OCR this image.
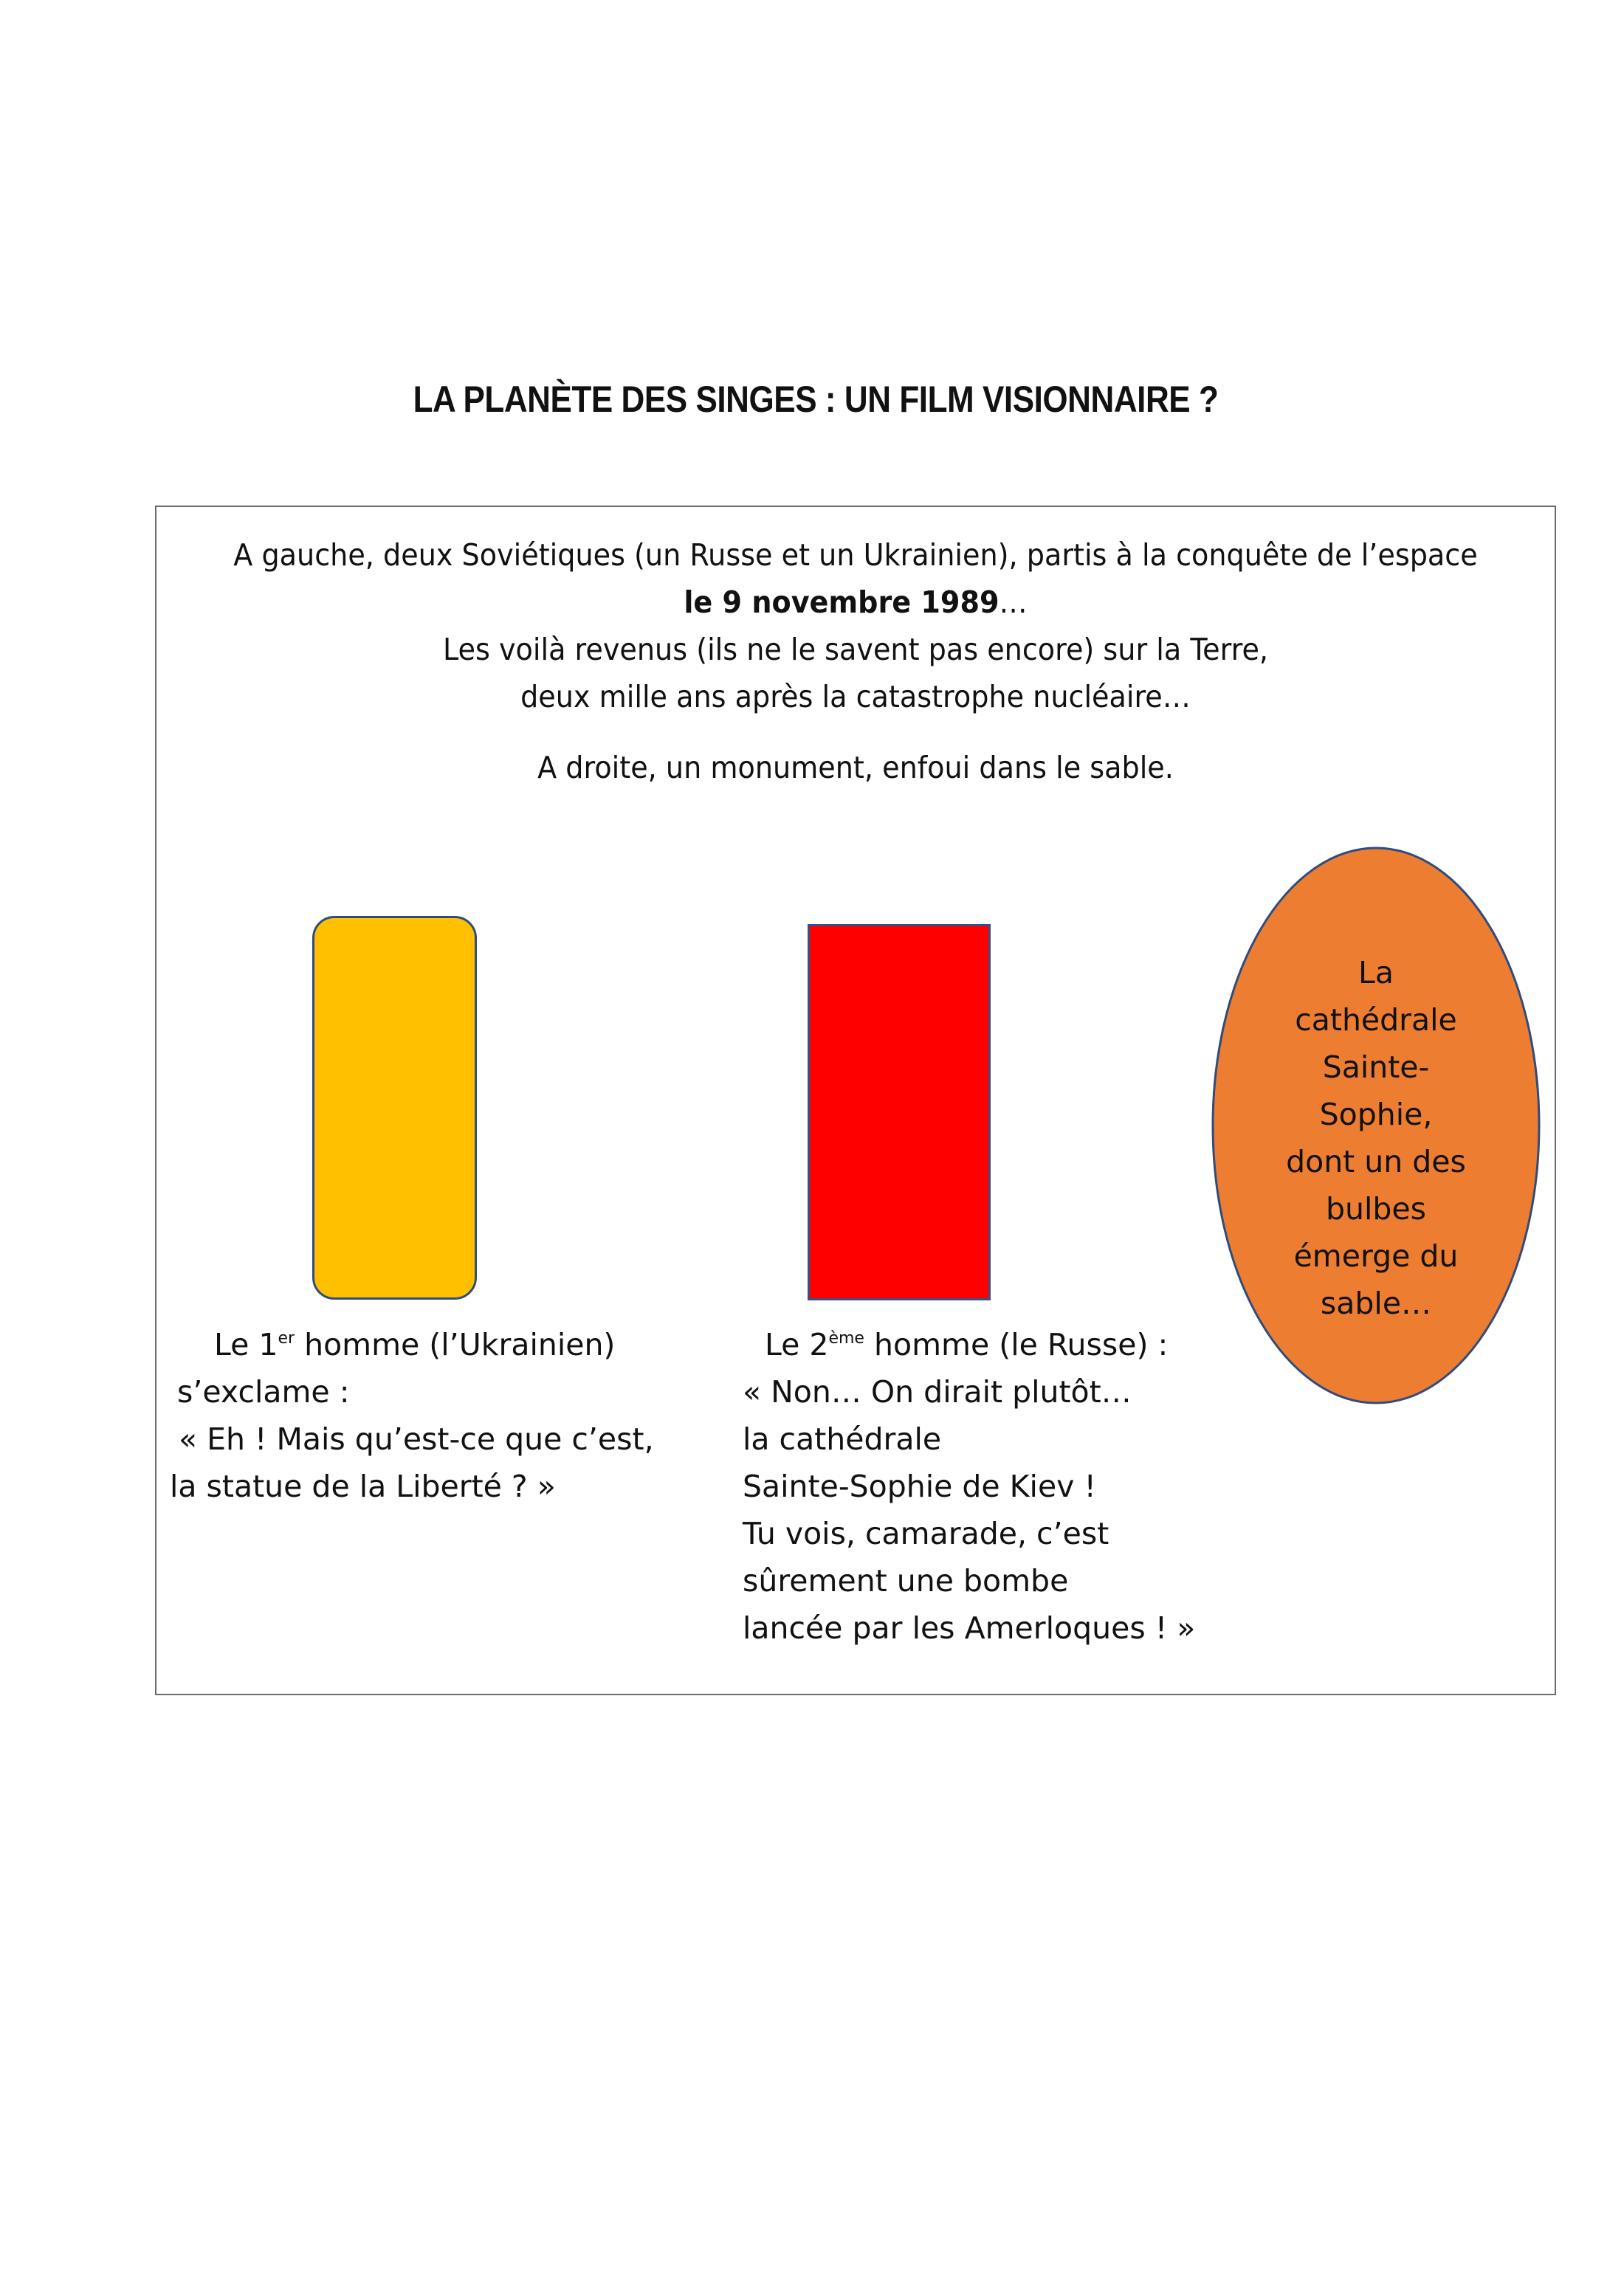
LA PLANÈTE DES SINGES : UN FILM VISIONNAIRE ?
A gauche, deux Soviétiques (un Russe et un Ukrainien), partis à la conquête de l’espace
le 9 novembre 1989…
Les voilà revenus (ils ne le savent pas encore) sur la Terre,
deux mille ans après la catastrophe nucléaire…
A droite, un monument, enfoui dans le sable.
La
cathédrale
Sainte-
Sophie,
dont un des
bulbes
émerge du
sable…
Le 1er homme (l’Ukrainien)
s’exclame :
« Eh ! Mais qu’est-ce que c’est,
la statue de la Liberté ? »
Le 2ème homme (le Russe) :
« Non… On dirait plutôt…
la cathédrale
Sainte-Sophie de Kiev !
Tu vois, camarade, c’est
sûrement une bombe
lancée par les Amerloques ! »
